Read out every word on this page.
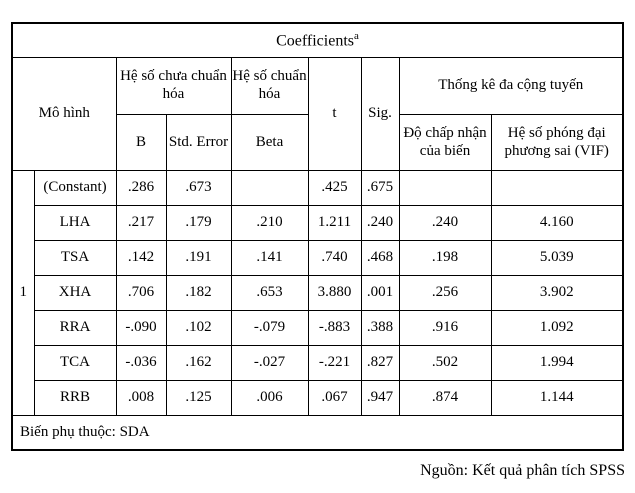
Coefficients$^a$
Mô hình		Hệ số chưa chuẩn hóa		Hệ số chuẩn hóa	t	Sig.	Thống kê đa cộng tuyến	
		B	Std. Error	Beta			Độ chấp nhận của biến	Hệ số phóng đại phương sai (VIF)
1	(Constant)	.286	.673		.425	.675		
	LHA	.217	.179	.210	1.211	.240	.240	4.160
	TSA	.142	.191	.141	.740	.468	.198	5.039
	XHA	.706	.182	.653	3.880	.001	.256	3.902
	RRA	-.090	.102	-.079	-.883	.388	.916	1.092
	TCA	-.036	.162	-.027	-.221	.827	.502	1.994
	RRB	.008	.125	.006	.067	.947	.874	1.144
Biến phụ thuộc: SDA								
Nguồn: Kết quả phân tích SPSS
